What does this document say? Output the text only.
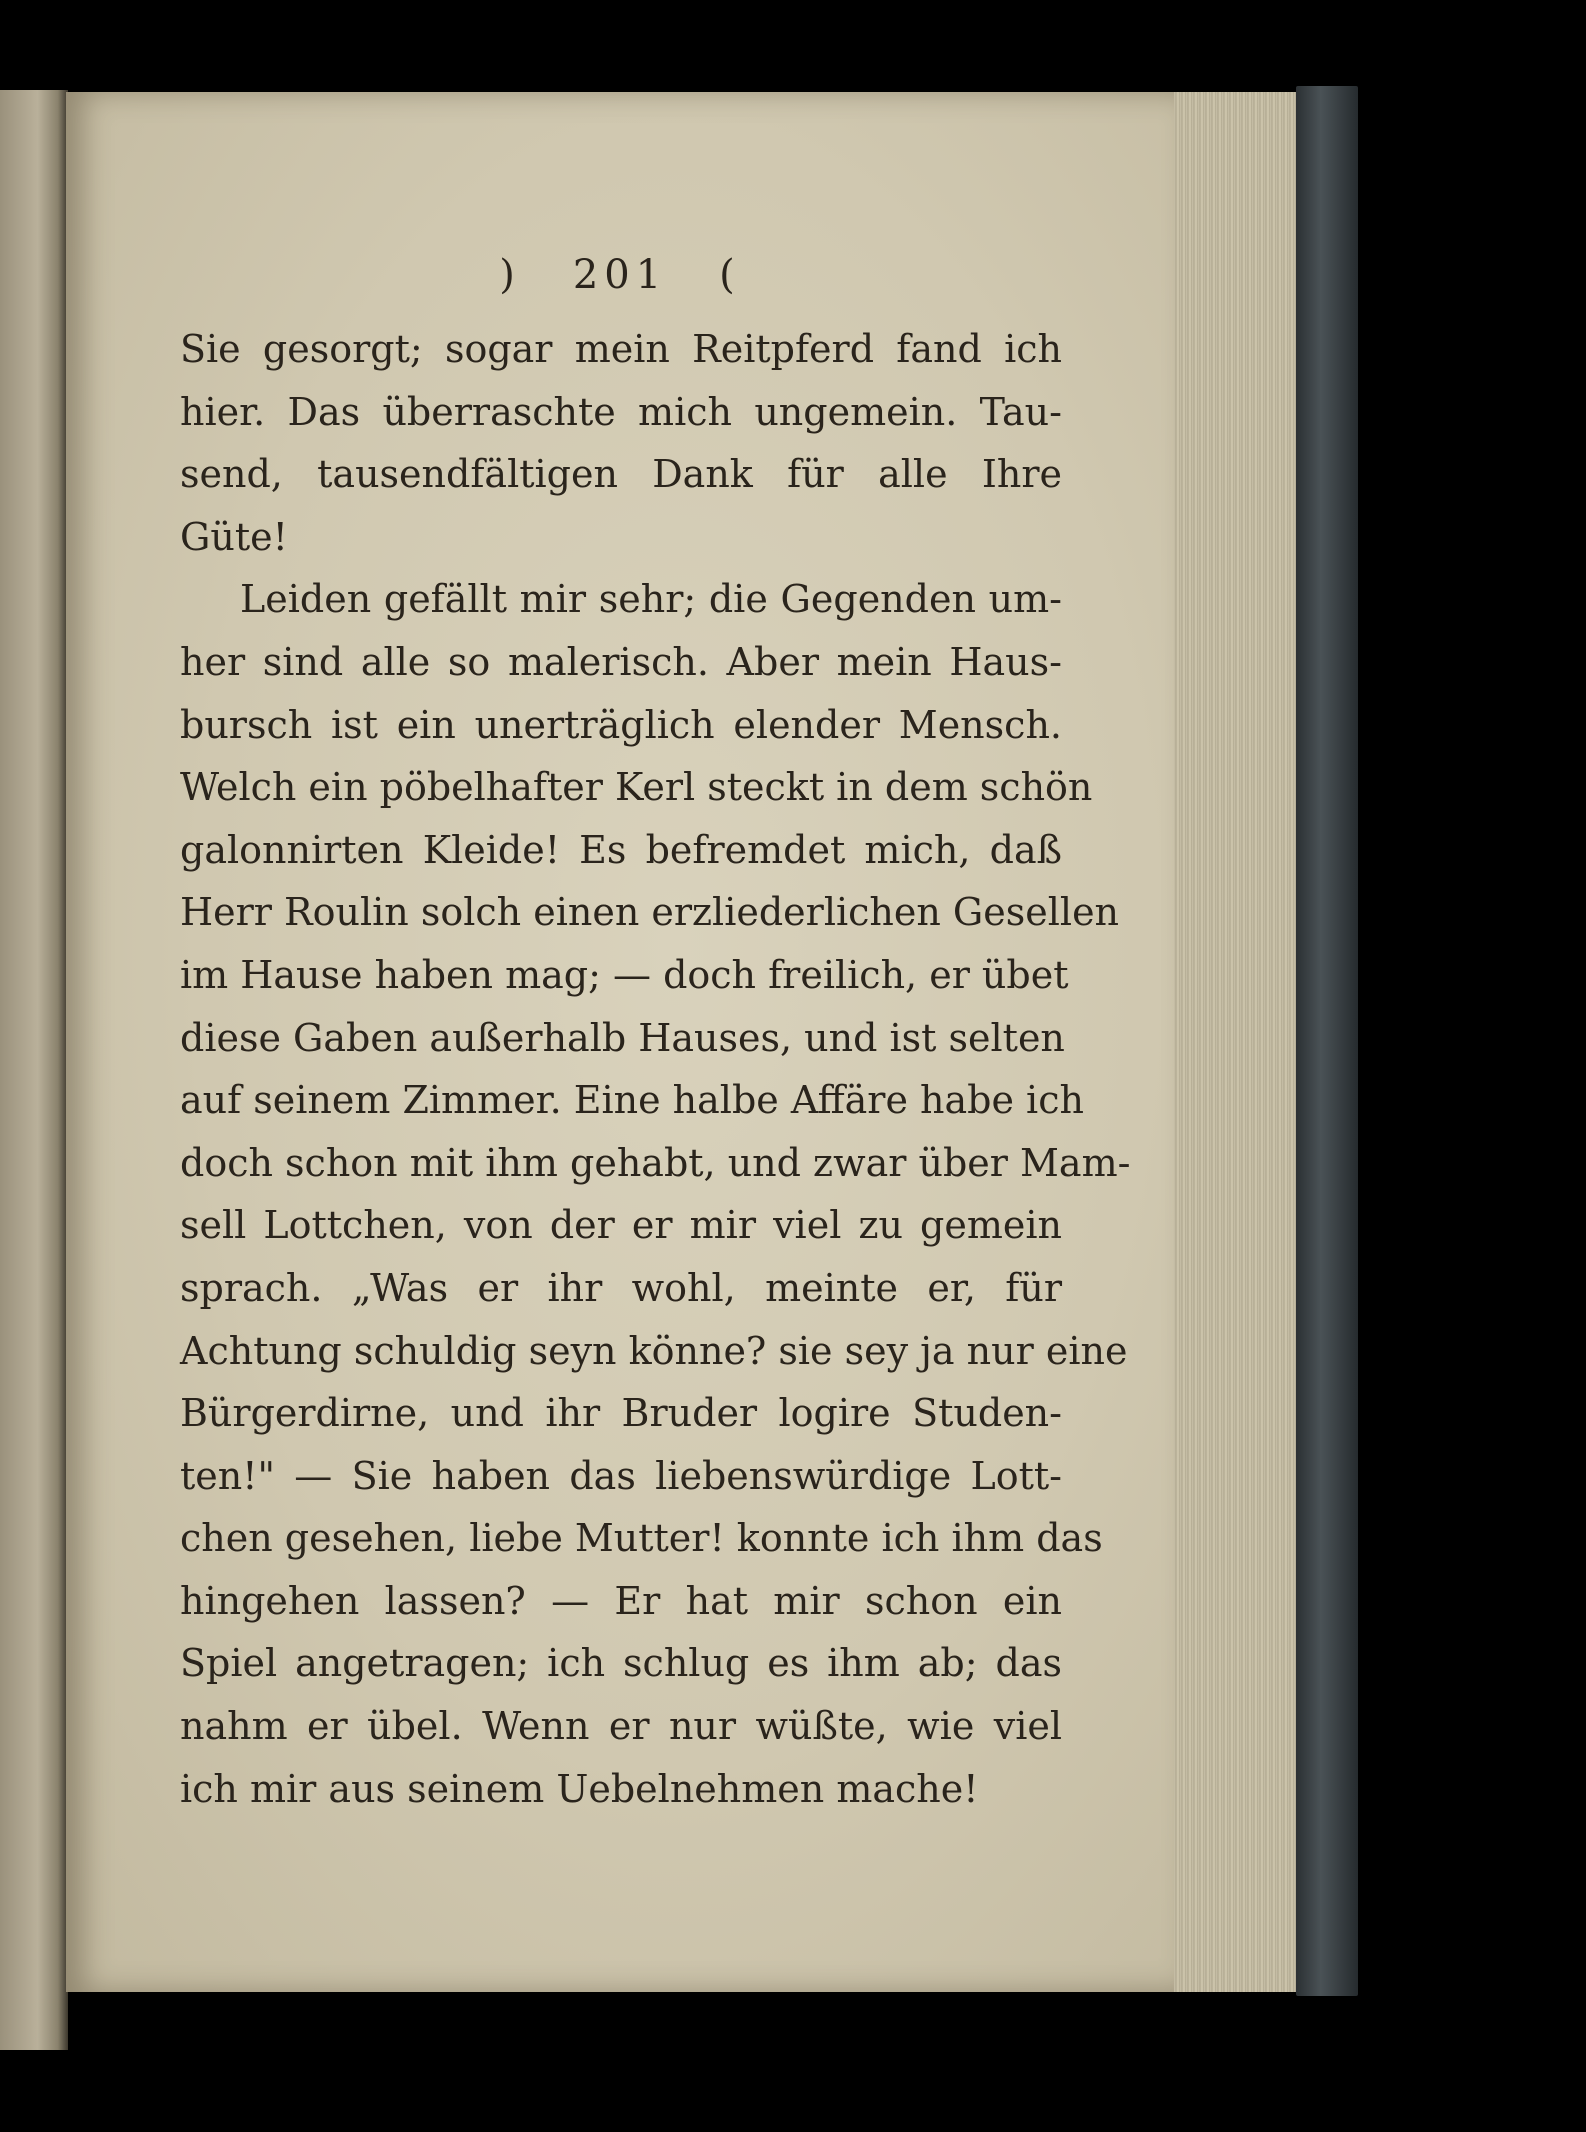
) 201 (
Sie gesorgt; sogar mein Reitpferd fand ich
hier. Das überraschte mich ungemein. Tau-
send, tausendfältigen Dank für alle Ihre
Güte!
Leiden gefällt mir sehr; die Gegenden um-
her sind alle so malerisch. Aber mein Haus-
bursch ist ein unerträglich elender Mensch.
Welch ein pöbelhafter Kerl steckt in dem schön
galonnirten Kleide! Es befremdet mich, daß
Herr Roulin solch einen erzliederlichen Gesellen
im Hause haben mag; — doch freilich, er übet
diese Gaben außerhalb Hauses, und ist selten
auf seinem Zimmer. Eine halbe Affäre habe ich
doch schon mit ihm gehabt, und zwar über Mam-
sell Lottchen, von der er mir viel zu gemein
sprach. „Was er ihr wohl, meinte er, für
Achtung schuldig seyn könne? sie sey ja nur eine
Bürgerdirne, und ihr Bruder logire Studen-
ten!" — Sie haben das liebenswürdige Lott-
chen gesehen, liebe Mutter! konnte ich ihm das
hingehen lassen? — Er hat mir schon ein
Spiel angetragen; ich schlug es ihm ab; das
nahm er übel. Wenn er nur wüßte, wie viel
ich mir aus seinem Uebelnehmen mache!
